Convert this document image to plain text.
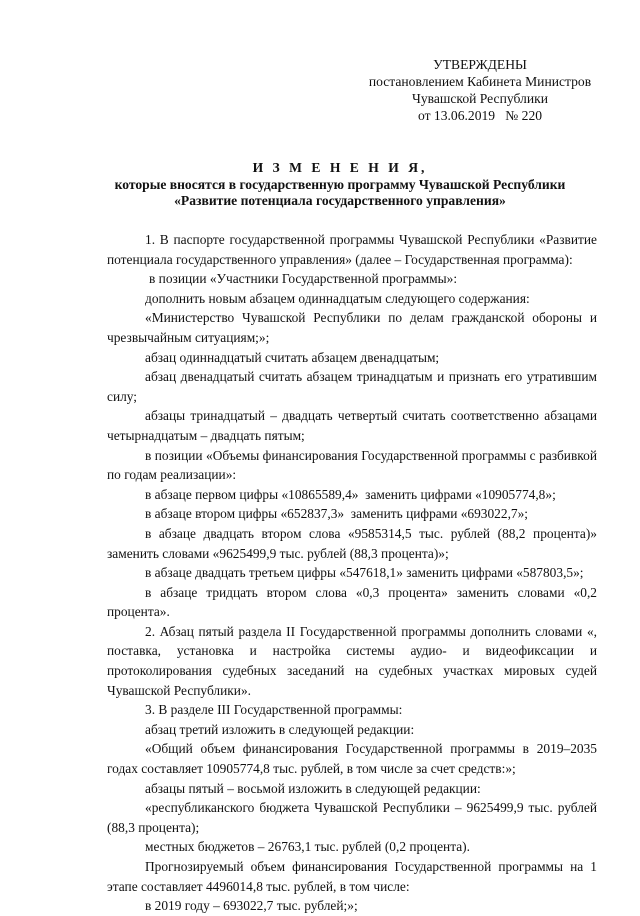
УТВЕРЖДЕНЫ
постановлением Кабинета Министров
Чувашской Республики
от 13.06.2019   № 220
И З М Е Н Е Н И Я,
которые вносятся в государственную программу Чувашской Республики
«Развитие потенциала государственного управления»

1. В паспорте государственной программы Чувашской Республики «Развитие потенциала государственного управления» (далее – Государственная программа):

в позиции «Участники Государственной программы»:

дополнить новым абзацем одиннадцатым следующего содержания:

«Министерство Чувашской Республики по делам гражданской обороны и чрезвычайным ситуациям;»;

абзац одиннадцатый считать абзацем двенадцатым;

абзац двенадцатый считать абзацем тринадцатым и признать его утратившим силу;

абзацы тринадцатый – двадцать четвертый считать соответственно абзацами четырнадцатым – двадцать пятым;

в позиции «Объемы финансирования Государственной программы с разбивкой по годам реализации»:

в абзаце первом цифры «10865589,4»  заменить цифрами «10905774,8»;

в абзаце втором цифры «652837,3»  заменить цифрами «693022,7»;

в абзаце двадцать втором слова «9585314,5 тыс. рублей (88,2 процента)» заменить словами «9625499,9 тыс. рублей (88,3 процента)»;

в абзаце двадцать третьем цифры «547618,1» заменить цифрами «587803,5»;

в абзаце тридцать втором слова «0,3 процента» заменить словами «0,2 процента».

2. Абзац пятый раздела II Государственной программы дополнить словами «, поставка, установка и настройка системы аудио- и видеофиксации и протоколирования судебных заседаний на судебных участках мировых судей Чувашской Республики».

3. В разделе III Государственной программы:

абзац третий изложить в следующей редакции:

«Общий объем финансирования Государственной программы в 2019–2035 годах составляет 10905774,8 тыс. рублей, в том числе за счет средств:»;

абзацы пятый – восьмой изложить в следующей редакции:

«республиканского бюджета Чувашской Республики – 9625499,9 тыс. рублей (88,3 процента);

местных бюджетов – 26763,1 тыс. рублей (0,2 процента).

Прогнозируемый объем финансирования Государственной программы на 1 этапе составляет 4496014,8 тыс. рублей, в том числе:

в 2019 году – 693022,7 тыс. рублей;»;
